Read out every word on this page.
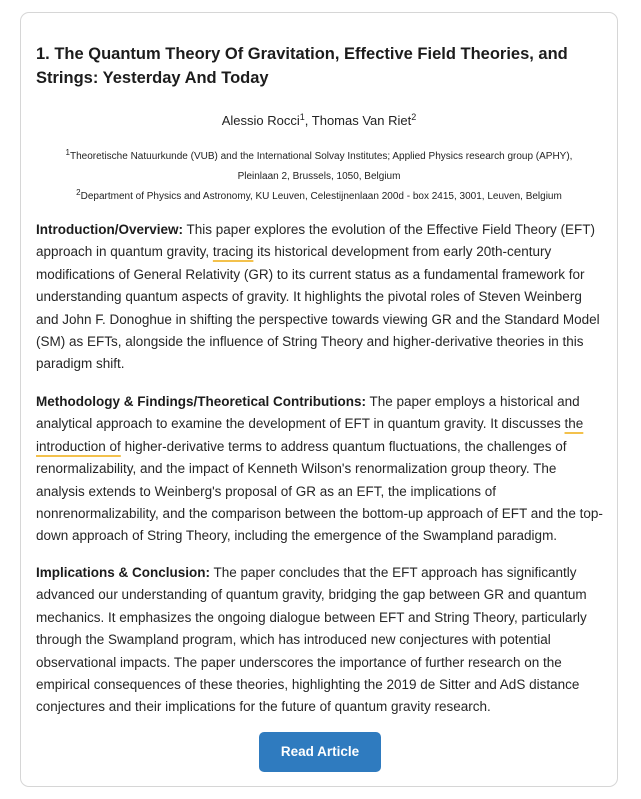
1. The Quantum Theory Of Gravitation, Effective Field Theories, and Strings: Yesterday And Today
Alessio Rocci$^1$, Thomas Van Riet$^2$
$^1$Theoretische Natuurkunde (VUB) and the International Solvay Institutes; Applied Physics research group (APHY),
Pleinlaan 2, Brussels, 1050, Belgium
$^2$Department of Physics and Astronomy, KU Leuven, Celestijnenlaan 200d - box 2415, 3001, Leuven, Belgium

Introduction/Overview: This paper explores the evolution of the Effective Field Theory (EFT) approach in quantum gravity, tracing its historical development from early 20th-century modifications of General Relativity (GR) to its current status as a fundamental framework for understanding quantum aspects of gravity. It highlights the pivotal roles of Steven Weinberg and John F. Donoghue in shifting the perspective towards viewing GR and the Standard Model (SM) as EFTs, alongside the influence of String Theory and higher-derivative theories in this paradigm shift.

Methodology & Findings/Theoretical Contributions: The paper employs a historical and analytical approach to examine the development of EFT in quantum gravity. It discusses the introduction of higher-derivative terms to address quantum fluctuations, the challenges of renormalizability, and the impact of Kenneth Wilson's renormalization group theory. The analysis extends to Weinberg's proposal of GR as an EFT, the implications of nonrenormalizability, and the comparison between the bottom-up approach of EFT and the top-down approach of String Theory, including the emergence of the Swampland paradigm.

Implications & Conclusion: The paper concludes that the EFT approach has significantly advanced our understanding of quantum gravity, bridging the gap between GR and quantum mechanics. It emphasizes the ongoing dialogue between EFT and String Theory, particularly through the Swampland program, which has introduced new conjectures with potential observational impacts. The paper underscores the importance of further research on the empirical consequences of these theories, highlighting the 2019 de Sitter and AdS distance conjectures and their implications for the future of quantum gravity research.

Read Article
